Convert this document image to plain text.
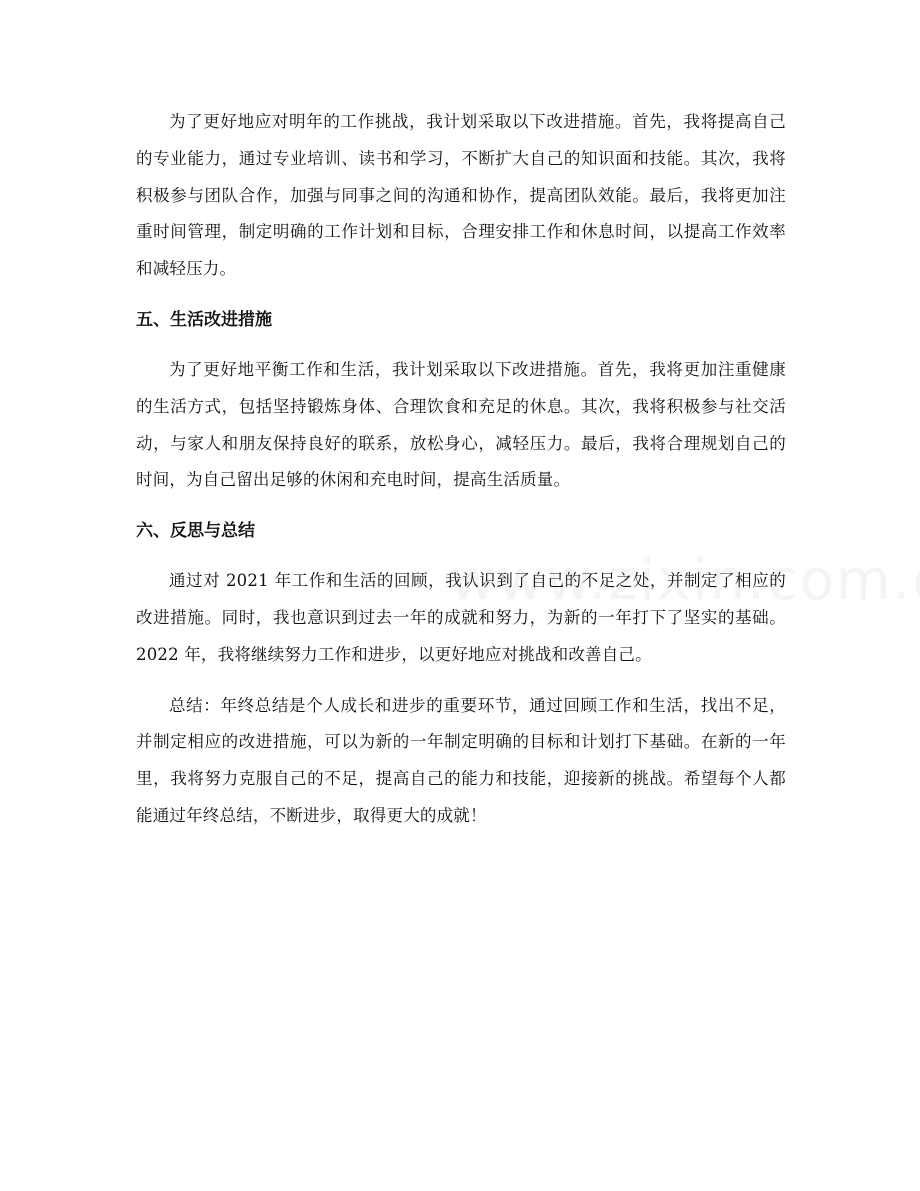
为了更好地应对明年的工作挑战，我计划采取以下改进措施。首先，我将提高自己的专业能力，通过专业培训、读书和学习，不断扩大自己的知识面和技能。其次，我将积极参与团队合作，加强与同事之间的沟通和协作，提高团队效能。最后，我将更加注重时间管理，制定明确的工作计划和目标，合理安排工作和休息时间，以提高工作效率和减轻压力。

五、生活改进措施

为了更好地平衡工作和生活，我计划采取以下改进措施。首先，我将更加注重健康的生活方式，包括坚持锻炼身体、合理饮食和充足的休息。其次，我将积极参与社交活动，与家人和朋友保持良好的联系，放松身心，减轻压力。最后，我将合理规划自己的时间，为自己留出足够的休闲和充电时间，提高生活质量。

六、反思与总结

通过对 2021 年工作和生活的回顾，我认识到了自己的不足之处，并制定了相应的改进措施。同时，我也意识到过去一年的成就和努力，为新的一年打下了坚实的基础。2022 年，我将继续努力工作和进步，以更好地应对挑战和改善自己。

总结：年终总结是个人成长和进步的重要环节，通过回顾工作和生活，找出不足，并制定相应的改进措施，可以为新的一年制定明确的目标和计划打下基础。在新的一年里，我将努力克服自己的不足，提高自己的能力和技能，迎接新的挑战。希望每个人都能通过年终总结，不断进步，取得更大的成就！
